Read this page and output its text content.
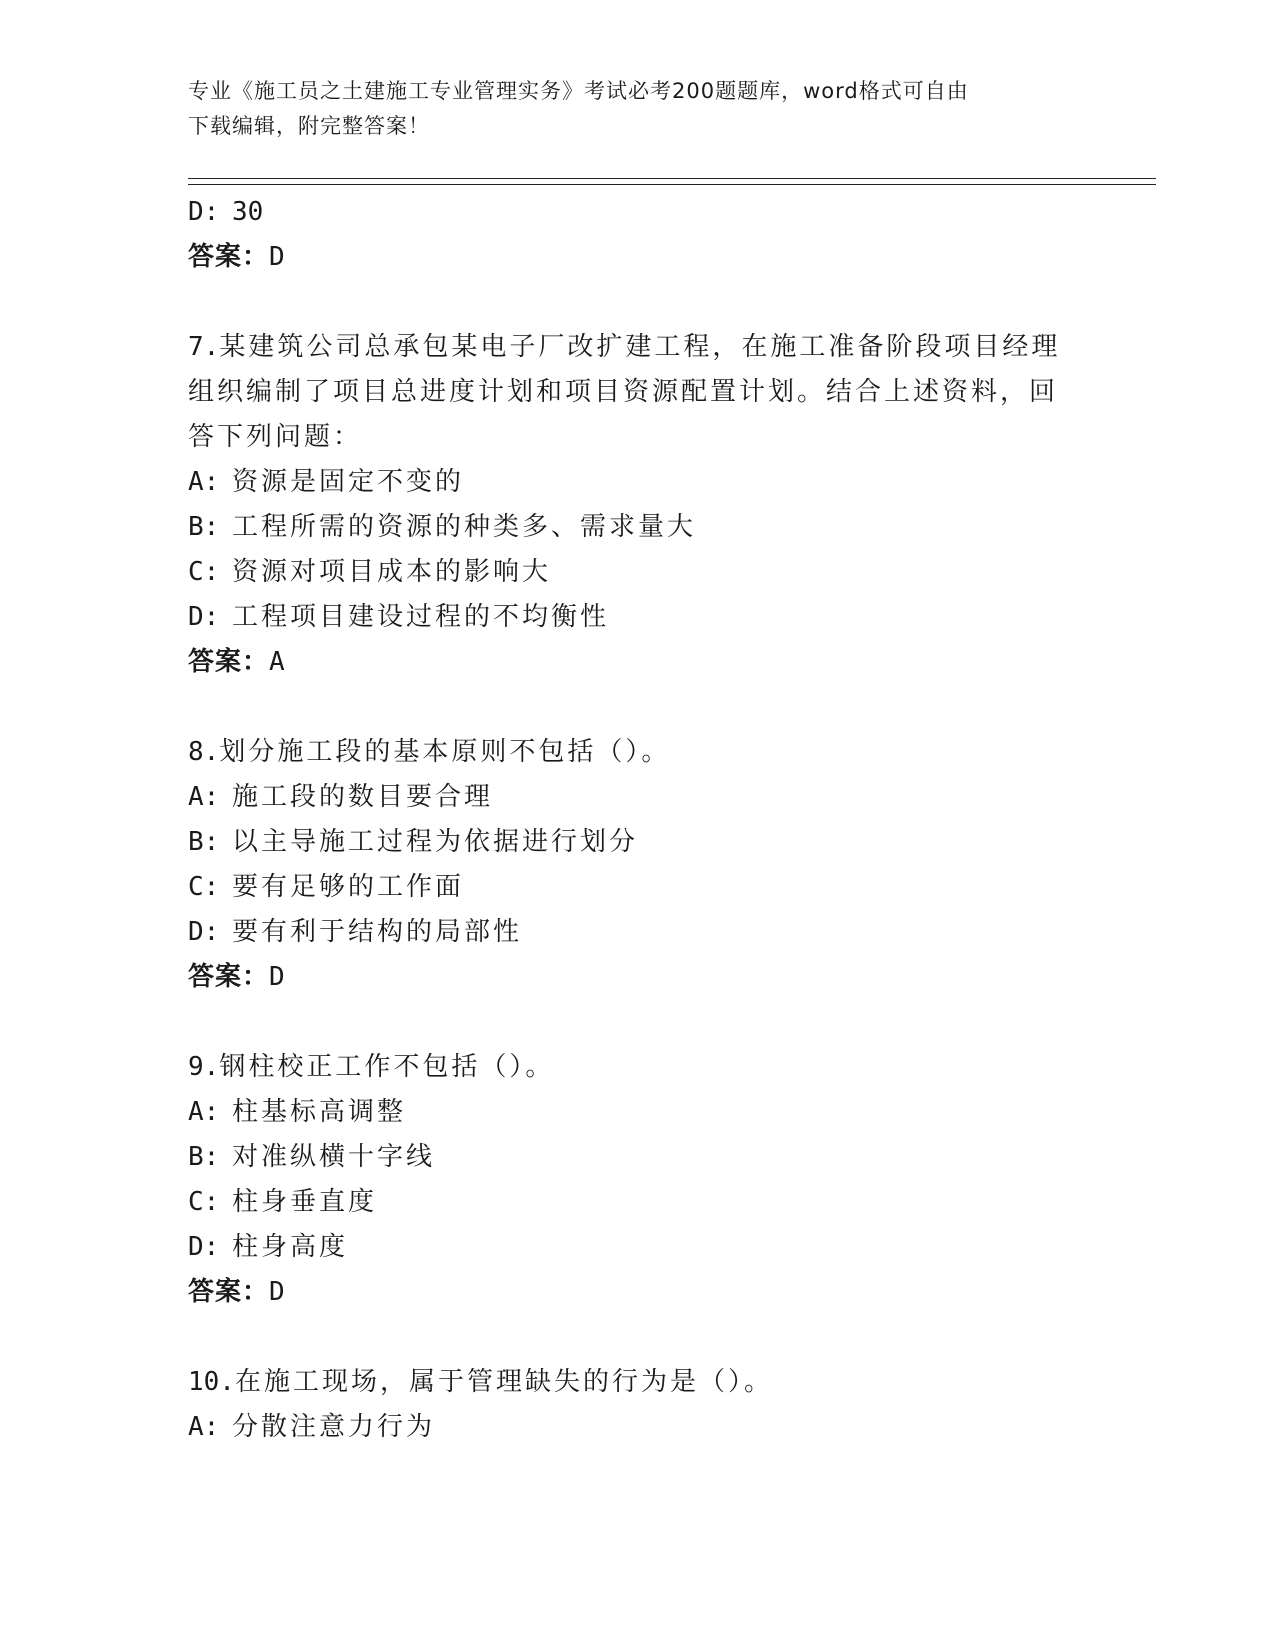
专业《施工员之土建施工专业管理实务》考试必考200题题库，word格式可自由
下载编辑，附完整答案！
D: 30
答案：D
7.某建筑公司总承包某电子厂改扩建工程，在施工准备阶段项目经理
组织编制了项目总进度计划和项目资源配置计划。结合上述资料，回
答下列问题：
A: 资源是固定不变的
B: 工程所需的资源的种类多、需求量大
C: 资源对项目成本的影响大
D: 工程项目建设过程的不均衡性
答案：A
8.划分施工段的基本原则不包括（）。
A: 施工段的数目要合理
B: 以主导施工过程为依据进行划分
C: 要有足够的工作面
D: 要有利于结构的局部性
答案：D
9.钢柱校正工作不包括（）。
A: 柱基标高调整
B: 对准纵横十字线
C: 柱身垂直度
D: 柱身高度
答案：D
10.在施工现场，属于管理缺失的行为是（）。
A: 分散注意力行为
